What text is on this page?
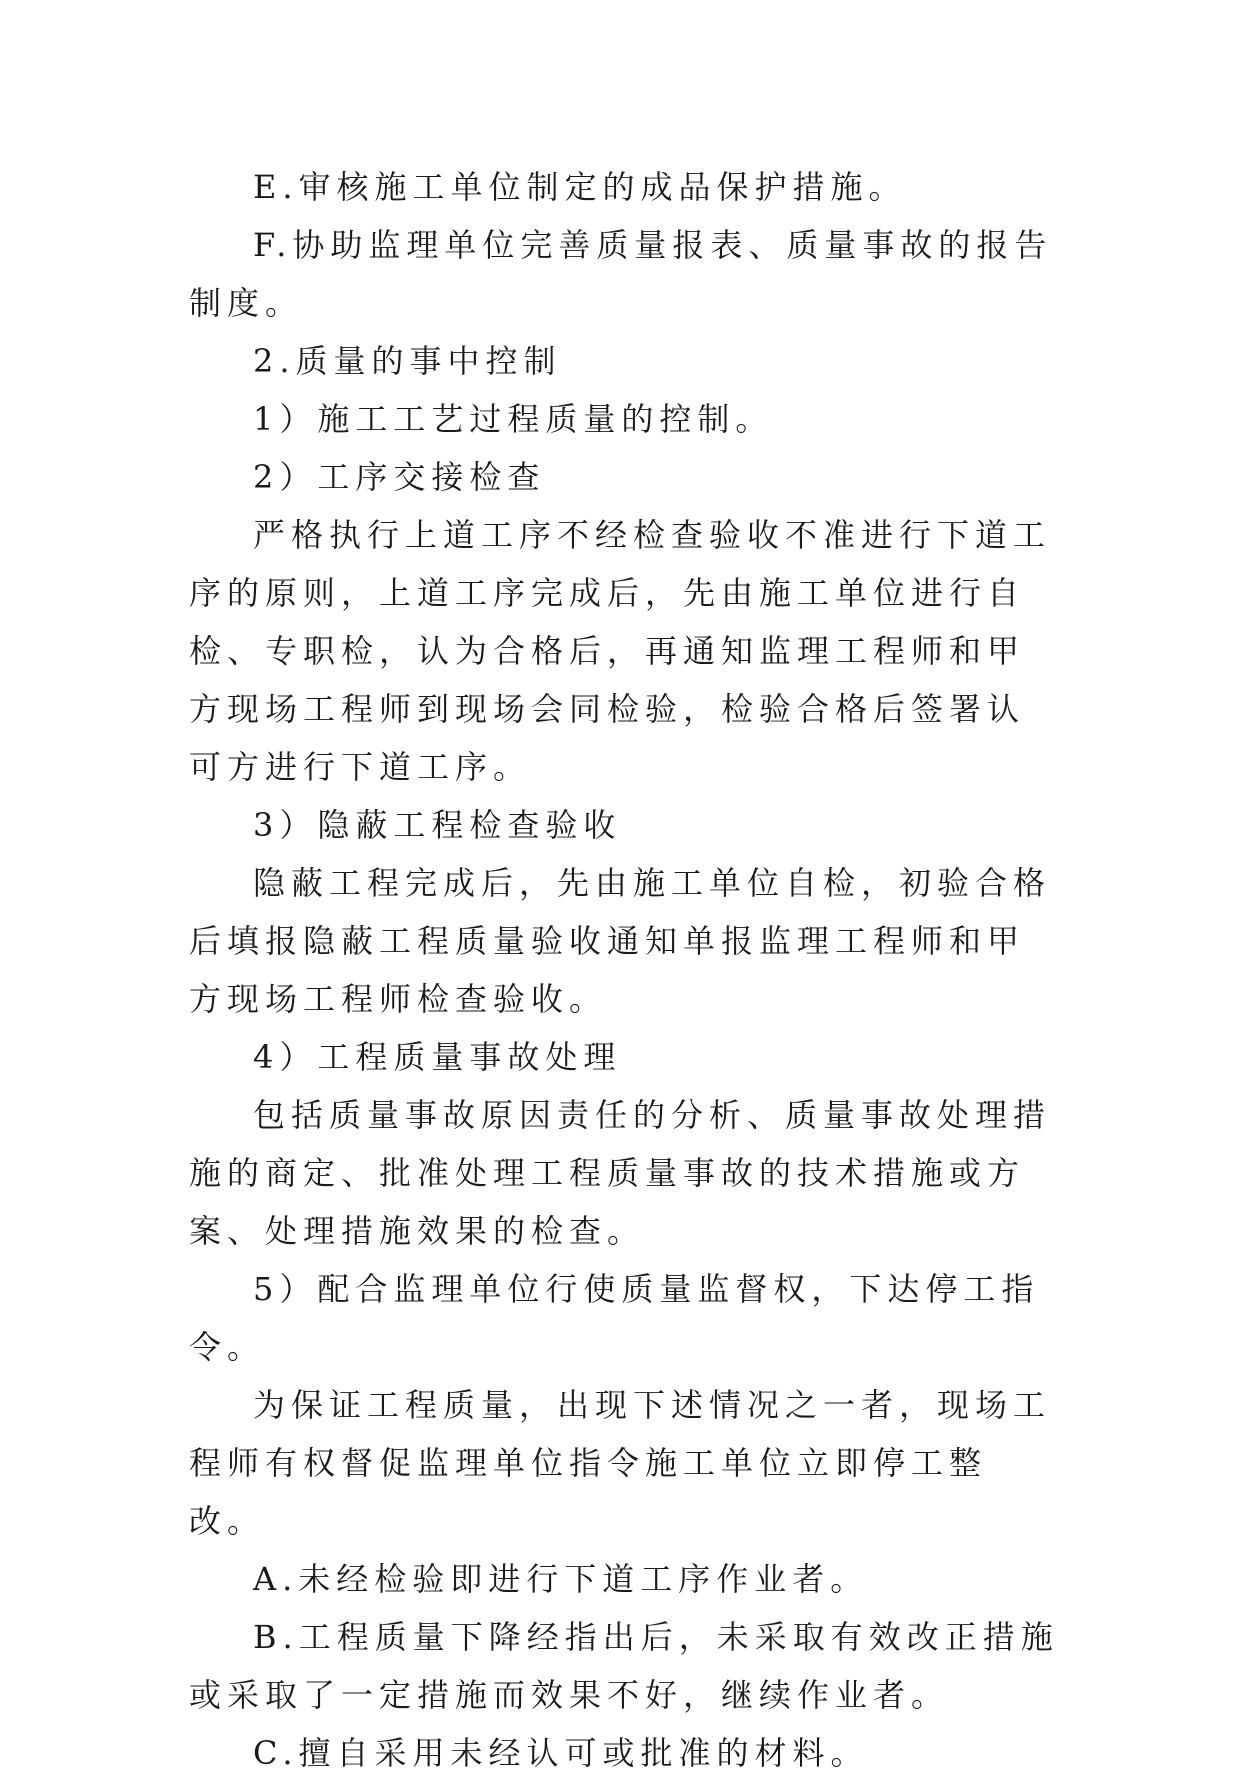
E.审核施工单位制定的成品保护措施。

F.协助监理单位完善质量报表、质量事故的报告制度。

2.质量的事中控制

1）施工工艺过程质量的控制。

2）工序交接检查

严格执行上道工序不经检查验收不准进行下道工序的原则，上道工序完成后，先由施工单位进行自检、专职检，认为合格后，再通知监理工程师和甲方现场工程师到现场会同检验，检验合格后签署认可方进行下道工序。

3）隐蔽工程检查验收

隐蔽工程完成后，先由施工单位自检，初验合格后填报隐蔽工程质量验收通知单报监理工程师和甲方现场工程师检查验收。

4）工程质量事故处理

包括质量事故原因责任的分析、质量事故处理措施的商定、批准处理工程质量事故的技术措施或方案、处理措施效果的检查。

5）配合监理单位行使质量监督权，下达停工指令。

为保证工程质量，出现下述情况之一者，现场工程师有权督促监理单位指令施工单位立即停工整改。

A.未经检验即进行下道工序作业者。

B.工程质量下降经指出后，未采取有效改正措施或采取了一定措施而效果不好，继续作业者。

C.擅自采用未经认可或批准的材料。
